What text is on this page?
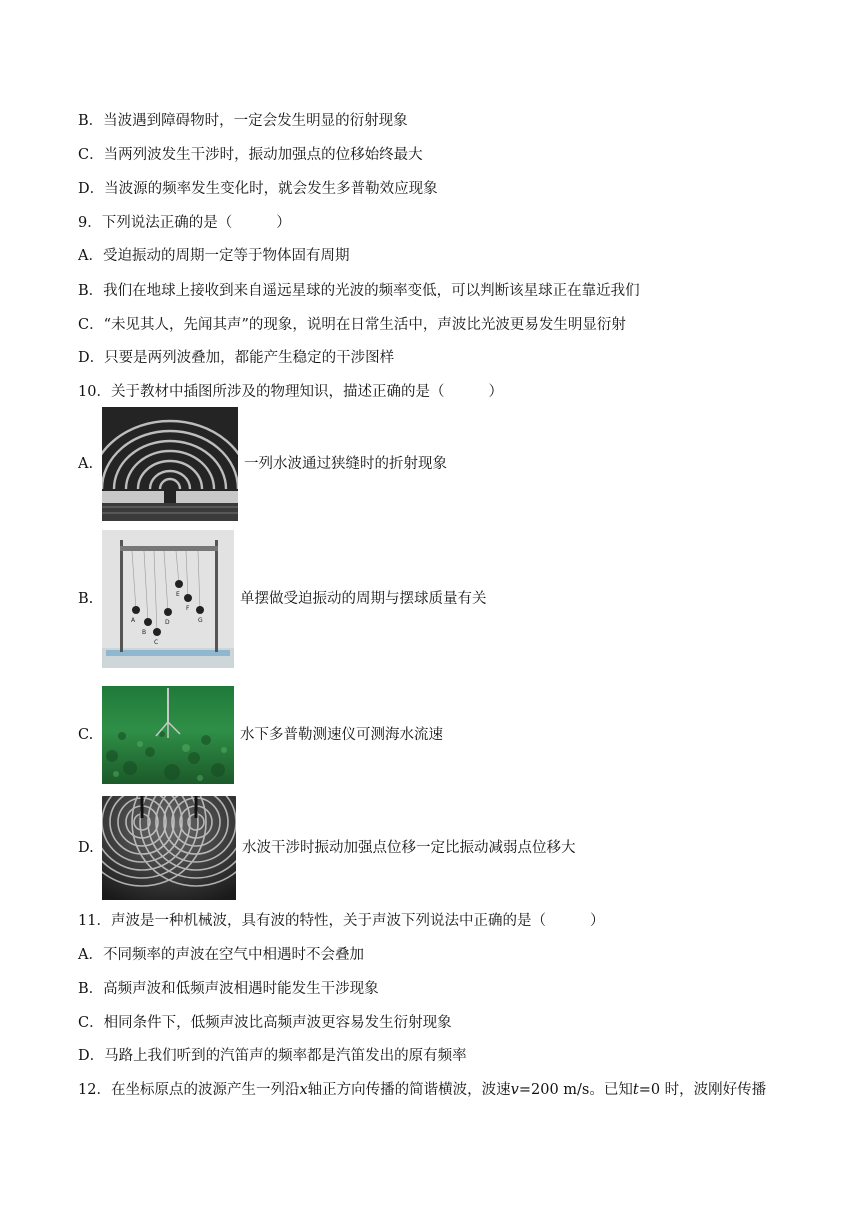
B．当波遇到障碍物时，一定会发生明显的衍射现象
C．当两列波发生干涉时，振动加强点的位移始终最大
D．当波源的频率发生变化时，就会发生多普勒效应现象
9．下列说法正确的是（	）
A．受迫振动的周期一定等于物体固有周期
B．我们在地球上接收到来自遥远星球的光波的频率变低，可以判断该星球正在靠近我们
C．“未见其人，先闻其声”的现象，说明在日常生活中，声波比光波更易发生明显衍射
D．只要是两列波叠加，都能产生稳定的干涉图样
10．关于教材中插图所涉及的物理知识，描述正确的是（	）
A.	一列水波通过狭缝时的折射现象
B.
A
B
C
D
E
F
G
单摆做受迫振动的周期与摆球质量有关
C.	水下多普勒测速仪可测海水流速
D.	水波干涉时振动加强点位移一定比振动减弱点位移大
11．声波是一种机械波，具有波的特性，关于声波下列说法中正确的是（	）
A．不同频率的声波在空气中相遇时不会叠加
B．高频声波和低频声波相遇时能发生干涉现象
C．相同条件下，低频声波比高频声波更容易发生衍射现象
D．马路上我们听到的汽笛声的频率都是汽笛发出的原有频率
12．在坐标原点的波源产生一列沿x轴正方向传播的简谐横波，波速v=200 m/s。已知t=0 时，波刚好传播
